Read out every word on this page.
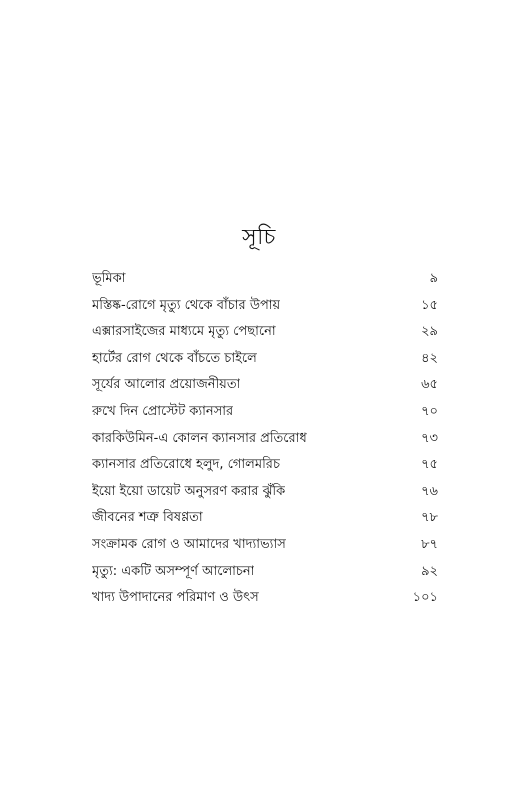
সূচি
ভূমিকা	৯
মস্তিষ্ক-রোগে মৃত্যু থেকে বাঁচার উপায়	১৫
এক্সারসাইজের মাধ্যমে মৃত্যু পেছানো	২৯
হার্টের রোগ থেকে বাঁচতে চাইলে	৪২
সূর্যের আলোর প্রয়োজনীয়তা	৬৫
রুখে দিন প্রোস্টেট ক্যানসার	৭০
কারকিউমিন-এ কোলন ক্যানসার প্রতিরোধ	৭৩
ক্যানসার প্রতিরোধে হলুদ, গোলমরিচ	৭৫
ইয়ো ইয়ো ডায়েট অনুসরণ করার ঝুঁকি	৭৬
জীবনের শত্রু বিষণ্ণতা	৭৮
সংক্রামক রোগ ও আমাদের খাদ্যাভ্যাস	৮৭
মৃত্যু: একটি অসম্পূর্ণ আলোচনা	৯২
খাদ্য উপাদানের পরিমাণ ও উৎস	১০১
